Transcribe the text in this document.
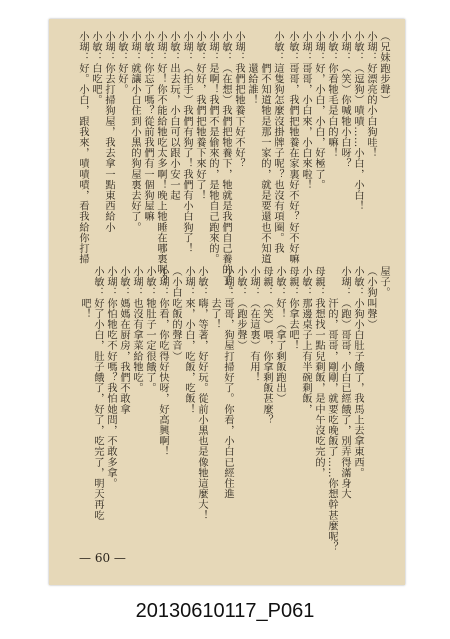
（兄妹跑步聲）
小瑚：好漂亮的小白狗哇！
小敏：（逗狗）嘖嘖……小白，小白！
小瑚：（笑）你喊牠小白呀？
小敏：你看牠毛是白的嘛！
小瑚：好，小白，小白，好極了。
小瑚：哥哥，小白來，小白來啦！
小敏：哥哥，我們把牠養在家裏好不好？好不好嘛
小敏：這隻狗怎麼沒掛牌子呢？也沒有項圈。我
　　　們不知道牠是那一家的，就是要還也不知道
　　　還給誰！
小瑚：我們把牠養下好不好？
小敏：（在想）我們把牠養下，牠就是我們自己養的了。
小瑚：是啊！我們不是偷來的，是牠自己跑來的。
小敏：好好，我們把牠養下來好了！
小瑚：（拍手）我們有狗了！我們有小白狗了！
小敏：出去玩，小白可以跟小安一起
小瑚：好！你不能給牠吃太多啊！晚上牠睡在哪裏呢？
小敏：你忘了嗎？從前我們有一個狗屋嘛
小瑚：就讓小白住到小黑的狗屋裏去好了。
小敏：好好。
小瑚：你去打掃狗屋，我去拿一點東西給小
小敏：白吃吧。
小瑚：好。小白，跟我來，嘖嘖嘖，看我給你打掃
屋子。
（小狗叫聲）
小敏：小狗小白肚子餓了，我馬上去拿東西。
小瑚：（跑）哥哥，小白已經餓了，別弄得滿身大
　　　汗的，哥哥，剛剛，就要吃晚飯了……你想幹甚麼呢？
母親：我想找一點兒剩飯，是中午沒吃完的，
小敏：那邊桌子上有半碗剩飯，
母親：你拿去吧！
小敏：好！（拿了剩飯跑出）
母親：（笑）喂，你拿剩飯甚麼？
小瑚：（在這裏）有用！
小敏：（跑步聲）
小瑚：哥哥，狗屋打掃好了。你看，小白已經住進
　　　去了！
小敏：嗨，等著，好好玩。從前小黑也是像牠這麼大！
小瑚：來，小白，吃飯，吃飯！
（小白吃飯的聲音）
小瑚：你看，你吃得好快呀，好高興啊！
小敏：牠肚子一定很餓了。
小瑚：也沒有拿菜給牠吃。
小敏：媽媽在厨房，我們不敢拿
小瑚：你怕牠吃不好嗎？我怕她問，不敢多拿。
小敏：好了小白，肚子餓了，好了，吃完了，明天再吃
　　　吧！
— 60 —
20130610117_P061
